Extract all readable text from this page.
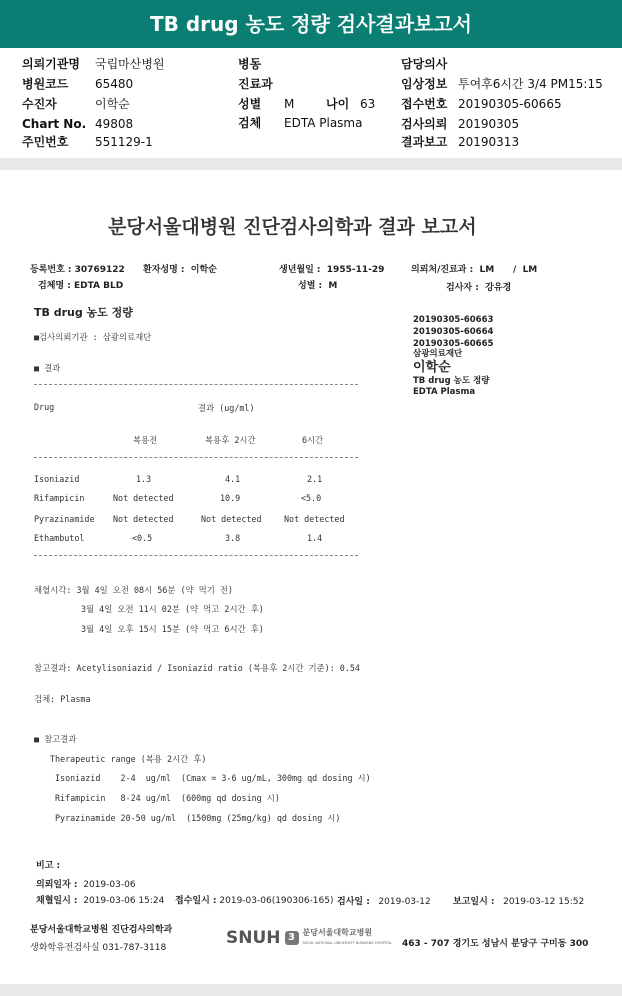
TB drug 농도 정량 검사결과보고서
의뢰기관명 국립마산병원
병원코드 65480
수진자	이학순
Chart No. 49808
주민번호 551129-1
병동
진료과
성별 M	나이 63
검체 EDTA Plasma
담당의사
임상정보 투여후6시간 3/4 PM15:15
접수번호 20190305-60665
검사의뢰 20190305
결과보고 20190313
분당서울대병원 진단검사의학과 결과 보고서
등록번호 : 30769122 환자성명 : 이학순	생년월일 : 1955-11-29	의뢰처/진료과 : LM / LM
검체명 : EDTA BLD	성별 : M	검사자 : 강유경
TB drug 농도 정량
■검사의뢰기관 : 삼광의료재단
■ 결과
Drug	결과 (ug/ml)
복용전	복용후 2시간	6시간
Isoniazid	1.3	4.1	2.1
Rifampicin	Not detected	10.9	<5.0
Pyrazinamide Not detected	Not detected	Not detected
Ethambutol	<0.5	3.8	1.4
채혈시각: 3월 4일 오전 08시 56분 (약 먹기 전)
3월 4일 오전 11시 02분 (약 먹고 2시간 후)
3월 4일 오후 15시 15분 (약 먹고 6시간 후)
참고결과: Acetylisoniazid / Isoniazid ratio (복용후 2시간 기준): 0.54
검체: Plasma
■ 참고결과
Therapeutic range (복용 2시간 후)
Isoniazid    2-4  ug/ml  (Cmax = 3-6 ug/mL, 300mg qd dosing 시)
Rifampicin   8-24 ug/ml  (600mg qd dosing 시)
Pyrazinamide 20-50 ug/ml  (1500mg (25mg/kg) qd dosing 시)
20190305-60663
20190305-60664
20190305-60665
삼광의료재단
이학순
TB drug 농도 정량
EDTA Plasma
비고 :
의뢰일자 : 2019-03-06
채혈일시 : 2019-03-06 15:24 접수일시 : 2019-03-06(190306-165) 검사일 : 2019-03-12 보고일시 : 2019-03-12 15:52
분당서울대학교병원 진단검사의학과
생화학유전검사실 031-787-3118	SNUH 3 분당서울대학교병원
SEOUL NATIONAL UNIVERSITY BUNDANG HOSPITAL 463 - 707 경기도 성남시 분당구 구미동 300
